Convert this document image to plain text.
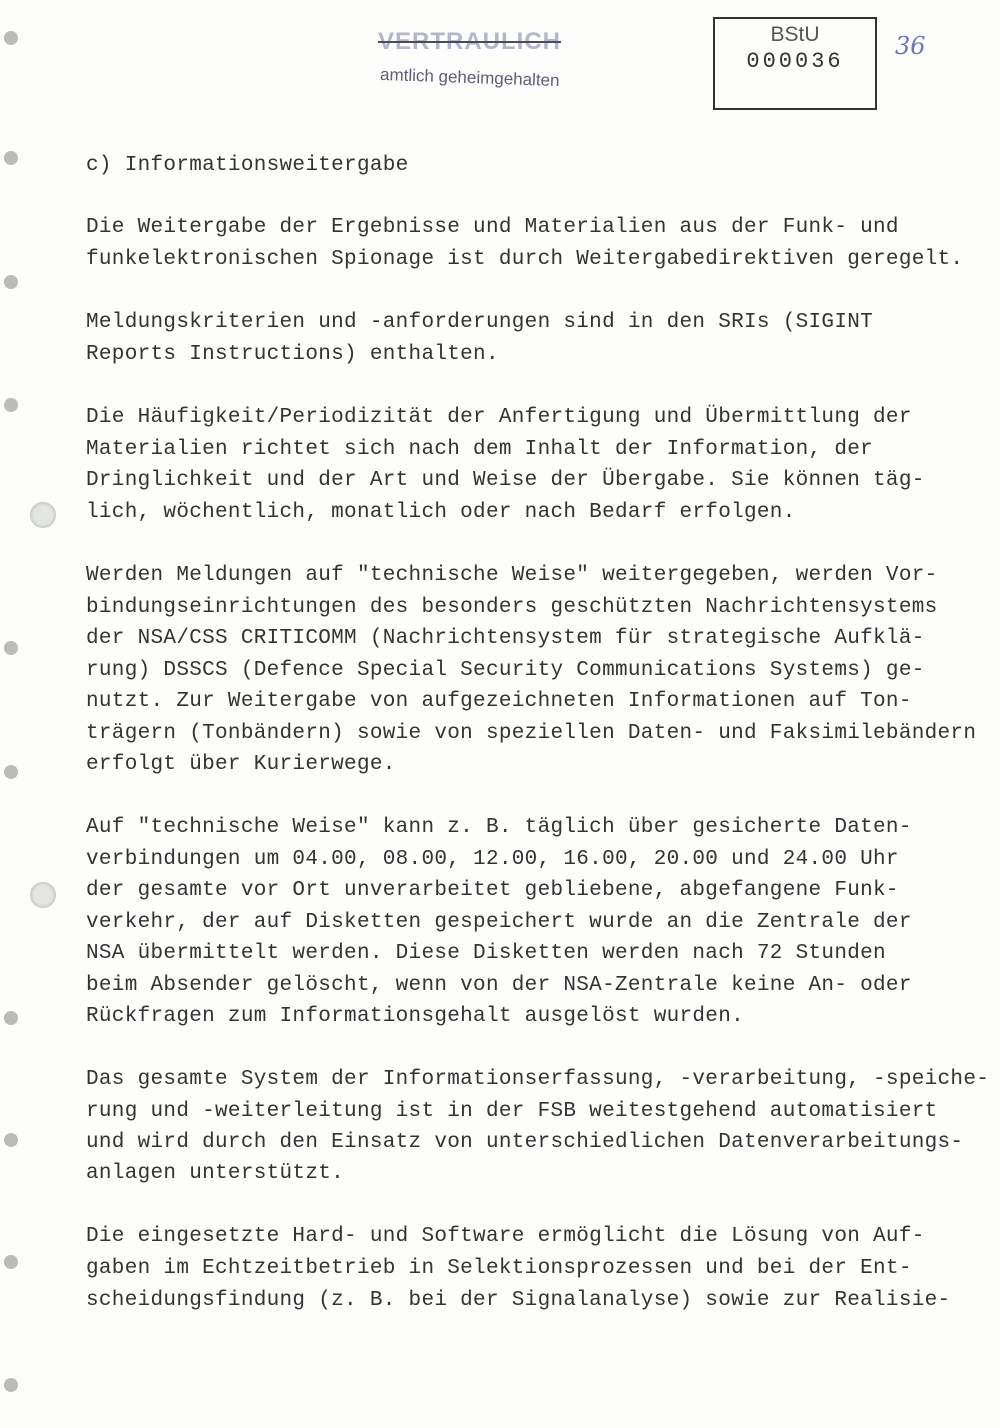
VERTRAULICH
amtlich geheimgehalten
BStU
000036
36
c) Informationsweitergabe
Die Weitergabe der Ergebnisse und Materialien aus der Funk- und
funkelektronischen Spionage ist durch Weitergabedirektiven geregelt.
Meldungskriterien und -anforderungen sind in den SRIs (SIGINT
Reports Instructions) enthalten.
Die Häufigkeit/Periodizität der Anfertigung und Übermittlung der
Materialien richtet sich nach dem Inhalt der Information, der
Dringlichkeit und der Art und Weise der Übergabe. Sie können täg-
lich, wöchentlich, monatlich oder nach Bedarf erfolgen.
Werden Meldungen auf "technische Weise" weitergegeben, werden Vor-
bindungseinrichtungen des besonders geschützten Nachrichtensystems
der NSA/CSS CRITICOMM (Nachrichtensystem für strategische Aufklä-
rung) DSSCS (Defence Special Security Communications Systems) ge-
nutzt. Zur Weitergabe von aufgezeichneten Informationen auf Ton-
trägern (Tonbändern) sowie von speziellen Daten- und Faksimilebändern
erfolgt über Kurierwege.
Auf "technische Weise" kann z. B. täglich über gesicherte Daten-
verbindungen um 04.00, 08.00, 12.00, 16.00, 20.00 und 24.00 Uhr
der gesamte vor Ort unverarbeitet gebliebene, abgefangene Funk-
verkehr, der auf Disketten gespeichert wurde an die Zentrale der
NSA übermittelt werden. Diese Disketten werden nach 72 Stunden
beim Absender gelöscht, wenn von der NSA-Zentrale keine An- oder
Rückfragen zum Informationsgehalt ausgelöst wurden.
Das gesamte System der Informationserfassung, -verarbeitung, -speiche-
rung und -weiterleitung ist in der FSB weitestgehend automatisiert
und wird durch den Einsatz von unterschiedlichen Datenverarbeitungs-
anlagen unterstützt.
Die eingesetzte Hard- und Software ermöglicht die Lösung von Auf-
gaben im Echtzeitbetrieb in Selektionsprozessen und bei der Ent-
scheidungsfindung (z. B. bei der Signalanalyse) sowie zur Realisie-
